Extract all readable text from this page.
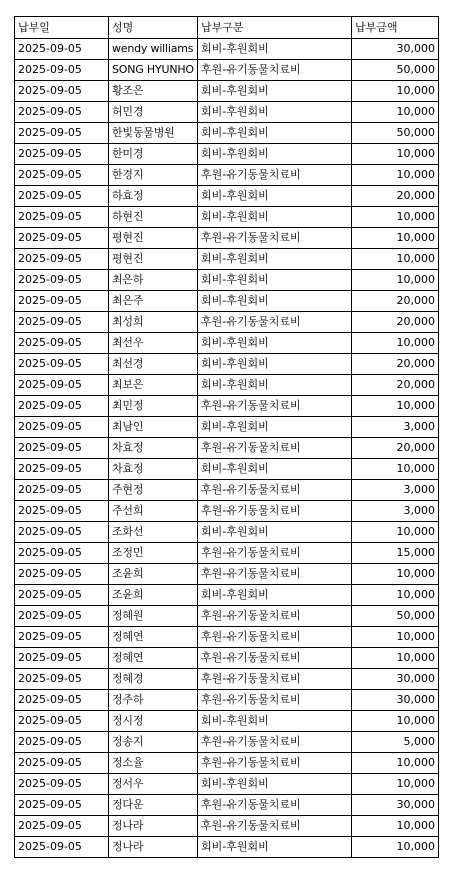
납부일	성명	납부구분	납부금액
2025-09-05	wendy williams	회비-후원회비	30,000
2025-09-05	SONG HYUNHO	후원-유기동물치료비	50,000
2025-09-05	황조은	회비-후원회비	10,000
2025-09-05	허민경	회비-후원회비	10,000
2025-09-05	한빛동물병원	회비-후원회비	50,000
2025-09-05	한미경	회비-후원회비	10,000
2025-09-05	한경지	후원-유기동물치료비	10,000
2025-09-05	하효정	회비-후원회비	20,000
2025-09-05	하현진	회비-후원회비	10,000
2025-09-05	평현진	후원-유기동물치료비	10,000
2025-09-05	평현진	회비-후원회비	10,000
2025-09-05	최은하	회비-후원회비	10,000
2025-09-05	최은주	회비-후원회비	20,000
2025-09-05	최성희	후원-유기동물치료비	20,000
2025-09-05	최선우	회비-후원회비	10,000
2025-09-05	최선경	회비-후원회비	20,000
2025-09-05	최보은	회비-후원회비	20,000
2025-09-05	최민정	후원-유기동물치료비	10,000
2025-09-05	최남인	회비-후원회비	3,000
2025-09-05	차효정	후원-유기동물치료비	20,000
2025-09-05	차효정	회비-후원회비	10,000
2025-09-05	주현정	후원-유기동물치료비	3,000
2025-09-05	주선희	후원-유기동물치료비	3,000
2025-09-05	조화선	회비-후원회비	10,000
2025-09-05	조정민	후원-유기동물치료비	15,000
2025-09-05	조윤희	후원-유기동물치료비	10,000
2025-09-05	조윤희	회비-후원회비	10,000
2025-09-05	정혜원	후원-유기동물치료비	50,000
2025-09-05	정혜연	후원-유기동물치료비	10,000
2025-09-05	정혜연	후원-유기동물치료비	10,000
2025-09-05	정혜경	후원-유기동물치료비	30,000
2025-09-05	정주하	후원-유기동물치료비	30,000
2025-09-05	정시정	회비-후원회비	10,000
2025-09-05	정송지	후원-유기동물치료비	5,000
2025-09-05	정소율	후원-유기동물치료비	10,000
2025-09-05	정서우	회비-후원회비	10,000
2025-09-05	정다운	후원-유기동물치료비	30,000
2025-09-05	정나라	후원-유기동물치료비	10,000
2025-09-05	정나라	회비-후원회비	10,000
